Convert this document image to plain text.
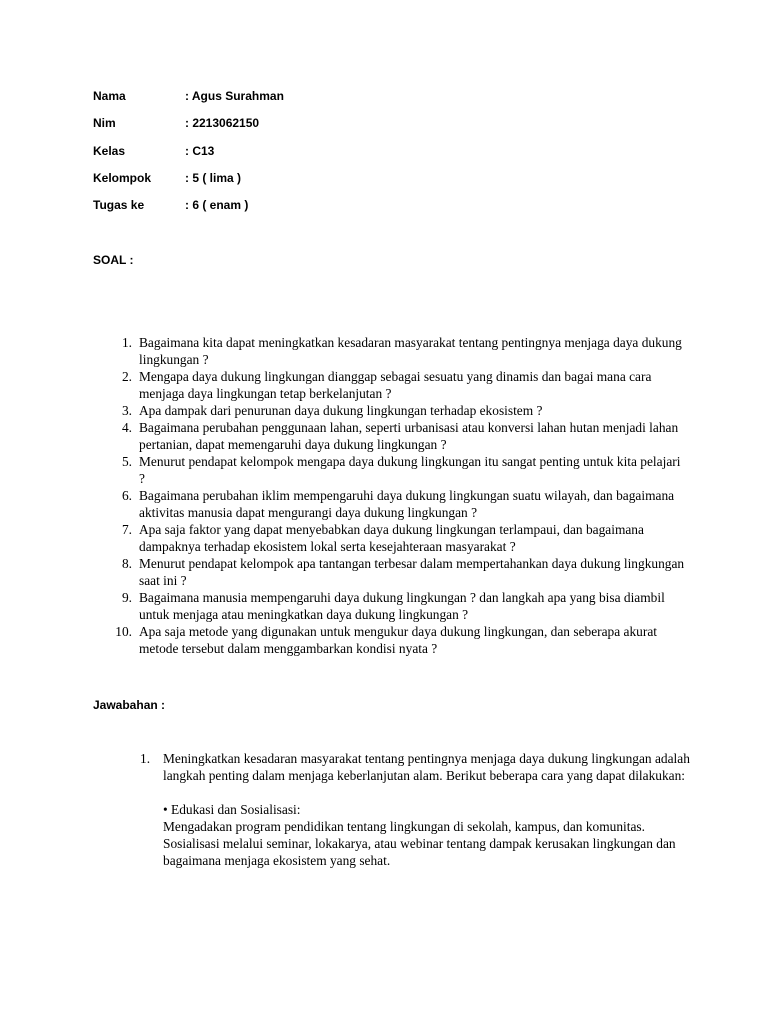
Nama	: Agus Surahman
Nim	: 2213062150
Kelas	: C13
Kelompok	: 5 ( lima )
Tugas ke	: 6 ( enam )
SOAL :
1. Bagaimana kita dapat meningkatkan kesadaran masyarakat tentang pentingnya menjaga daya dukung lingkungan ?
2. Mengapa daya dukung lingkungan dianggap sebagai sesuatu yang dinamis dan bagai mana cara menjaga daya lingkungan tetap berkelanjutan ?
3. Apa dampak dari penurunan daya dukung lingkungan terhadap ekosistem ?
4. Bagaimana perubahan penggunaan lahan, seperti urbanisasi atau konversi lahan hutan menjadi lahan pertanian, dapat memengaruhi daya dukung lingkungan ?
5. Menurut pendapat kelompok mengapa daya dukung lingkungan itu sangat penting untuk kita pelajari ?
6. Bagaimana perubahan iklim mempengaruhi daya dukung lingkungan suatu wilayah, dan bagaimana aktivitas manusia dapat mengurangi daya dukung lingkungan ?
7. Apa saja faktor yang dapat menyebabkan daya dukung lingkungan terlampaui, dan bagaimana dampaknya terhadap ekosistem lokal serta kesejahteraan masyarakat ?
8. Menurut pendapat kelompok apa tantangan terbesar dalam mempertahankan daya dukung lingkungan saat ini ?
9. Bagaimana manusia mempengaruhi daya dukung lingkungan ? dan langkah apa yang bisa diambil untuk menjaga atau meningkatkan daya dukung lingkungan ?
10. Apa saja metode yang digunakan untuk mengukur daya dukung lingkungan, dan seberapa akurat metode tersebut dalam menggambarkan kondisi nyata ?
Jawabahan :
1. Meningkatkan kesadaran masyarakat tentang pentingnya menjaga daya dukung lingkungan adalah langkah penting dalam menjaga keberlanjutan alam. Berikut beberapa cara yang dapat dilakukan:
• Edukasi dan Sosialisasi:
Mengadakan program pendidikan tentang lingkungan di sekolah, kampus, dan komunitas.
Sosialisasi melalui seminar, lokakarya, atau webinar tentang dampak kerusakan lingkungan dan bagaimana menjaga ekosistem yang sehat.
